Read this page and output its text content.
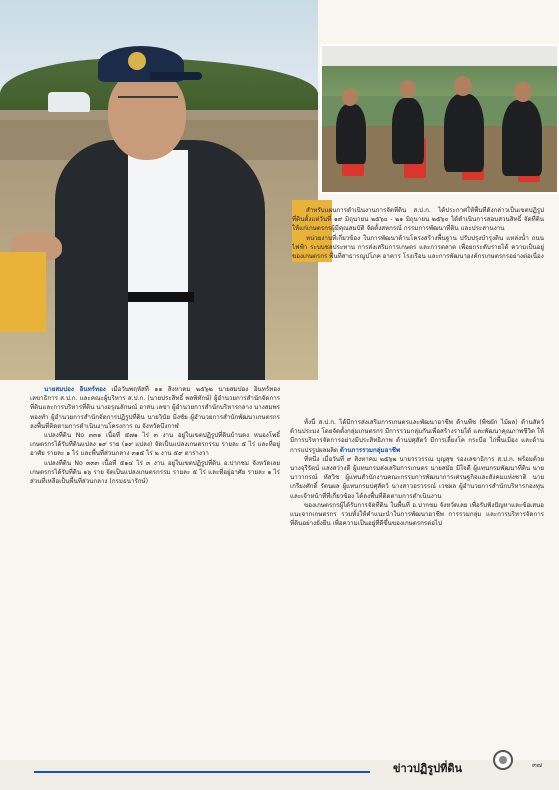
สำหรับแผนการดำเนินงานการจัดที่ดิน ส.ป.ก. ได้ประกาศให้พื้นที่ดังกล่าวเป็นเขตปฏิรูปที่ดินตั้งแต่วันที่ ๑๙ มิถุนายน ๒๕๖๐ - ๒๑ มิถุนายน ๒๕๖๐ ได้ดำเนินการสอบสวนสิทธิ์ จัดที่ดินให้แก่เกษตรกรผู้มีคุณสมบัติ จัดตั้งสหกรณ์ กรรมการพัฒนาที่ดิน และประสานงาน

หน่วยงานที่เกี่ยวข้อง ในการพัฒนาด้านโครงสร้างพื้นฐาน ปรับปรุงบำรุงดิน แหล่งน้ำ ถนน ไฟฟ้า ระบบชลประทาน การส่งเสริมการเกษตร และการตลาด เพื่อยกระดับรายได้ ความเป็นอยู่ของเกษตรกร พื้นที่สาธารณูปโภค อาคาร โรงเรือน และการพัฒนาองค์กรเกษตรกรอย่างต่อเนื่อง

นายสมปอง อินทร์ทอง เมื่อวันพฤหัสที่ ๑๑ สิงหาคม ๒๕๖๒ นายสมปอง อินทร์ทอง เลขาธิการ ส.ป.ก. และคณะผู้บริหาร ส.ป.ก. (นายประสิทธิ์ พลพิทักษ์) ผู้อำนวยการสำนักจัดการที่ดินและการบริหารที่ดิน นางอรุณลักษณ์ อาสน เลขา ผู้อำนวยการสำนักบริหารกลาง นางสมพร ทองทำ ผู้อำนวยการสำนักจัดการปฏิรูปที่ดิน นายวินัย มิ่งชัย ผู้อำนวยการสำนักพัฒนาเกษตรกร ลงพื้นที่ติดตามการดำเนินงานโครงการ ณ จังหวัดบึงกาฬ

แปลงที่ดิน No ๓๓๑ เนื้อที่ ๕๗๑ ไร่ ๓ งาน อยู่ในเขตปฏิรูปที่ดินบ้านดง หนองโพธิ์ เกษตรกรได้รับที่ดินแปลง ๑๙ ราย (๑๙ แปลง) จัดเป็นแปลงเกษตรกรรม รายละ ๕ ไร่ และที่อยู่อาศัย รายละ ๑ ไร่ และพื้นที่ส่วนกลาง ๓๑๕ ไร่ ๒ งาน ๕๙ ตารางวา

แปลงที่ดิน No ๓๓๓ เนื้อที่ ๕๑๔ ไร่ ๓ งาน อยู่ในเขตปฏิรูปที่ดิน อ.ปากชม จังหวัดเลย เกษตรกรได้รับที่ดิน ๑๖ ราย จัดเป็นแปลงเกษตรกรรม รายละ ๕ ไร่ และที่อยู่อาศัย รายละ ๑ ไร่ ส่วนที่เหลือเป็นพื้นที่ส่วนกลาง (กรมธนารักษ์)

ทั้งนี้ ส.ป.ก. ได้มีการส่งเสริมการเกษตรและพัฒนาอาชีพ ด้านพืช (พืชผัก ไม้ผล) ด้านสัตว์ ด้านประมง โดยจัดตั้งกลุ่มเกษตรกร มีการรวมกลุ่มกันเพื่อสร้างรายได้ และพัฒนาคุณภาพชีวิต ให้มีการบริหารจัดการอย่างมีประสิทธิภาพ ด้านปศุสัตว์ มีการเลี้ยงโค กระบือ ไก่พื้นเมือง และด้านการแปรรูปผลผลิต ด้านการรวมกลุ่มอาชีพ

ที่หนึ่ง เมื่อวันที่ ๙ สิงหาคม ๒๕๖๒ นายวรวรรณ บุญสุข รองเลขาธิการ ส.ป.ก. พร้อมด้วย นางจุรีรัตน์ แสงสว่างดี ผู้แทนกรมส่งเสริมการเกษตร นายสมัย มีใจดี ผู้แทนกรมพัฒนาที่ดิน นายนาวากรณ์ หัสวิช ผู้แทนสำนักงานคณะกรรมการพัฒนาการเศรษฐกิจและสังคมแห่งชาติ นายเกรียงศักดิ์ รัตนผล ผู้แทนกรมปศุสัตว์ นางสาวอรวรรณ์ เวชผล ผู้อำนวยการสำนักบริหารกองทุน และเจ้าหน้าที่ที่เกี่ยวข้อง ได้ลงพื้นที่ติดตามการดำเนินงาน

ของเกษตรกรผู้ได้รับการจัดที่ดิน ในพื้นที่ อ.ปากชม จังหวัดเลย เพื่อรับฟังปัญหาและข้อเสนอแนะจากเกษตรกร รวมทั้งให้คำแนะนำในการพัฒนาอาชีพ การรวมกลุ่ม และการบริหารจัดการที่ดินอย่างยั่งยืน เพื่อความเป็นอยู่ที่ดีขึ้นของเกษตรกรต่อไป

ข่าวปฏิรูปที่ดิน	๓๗
